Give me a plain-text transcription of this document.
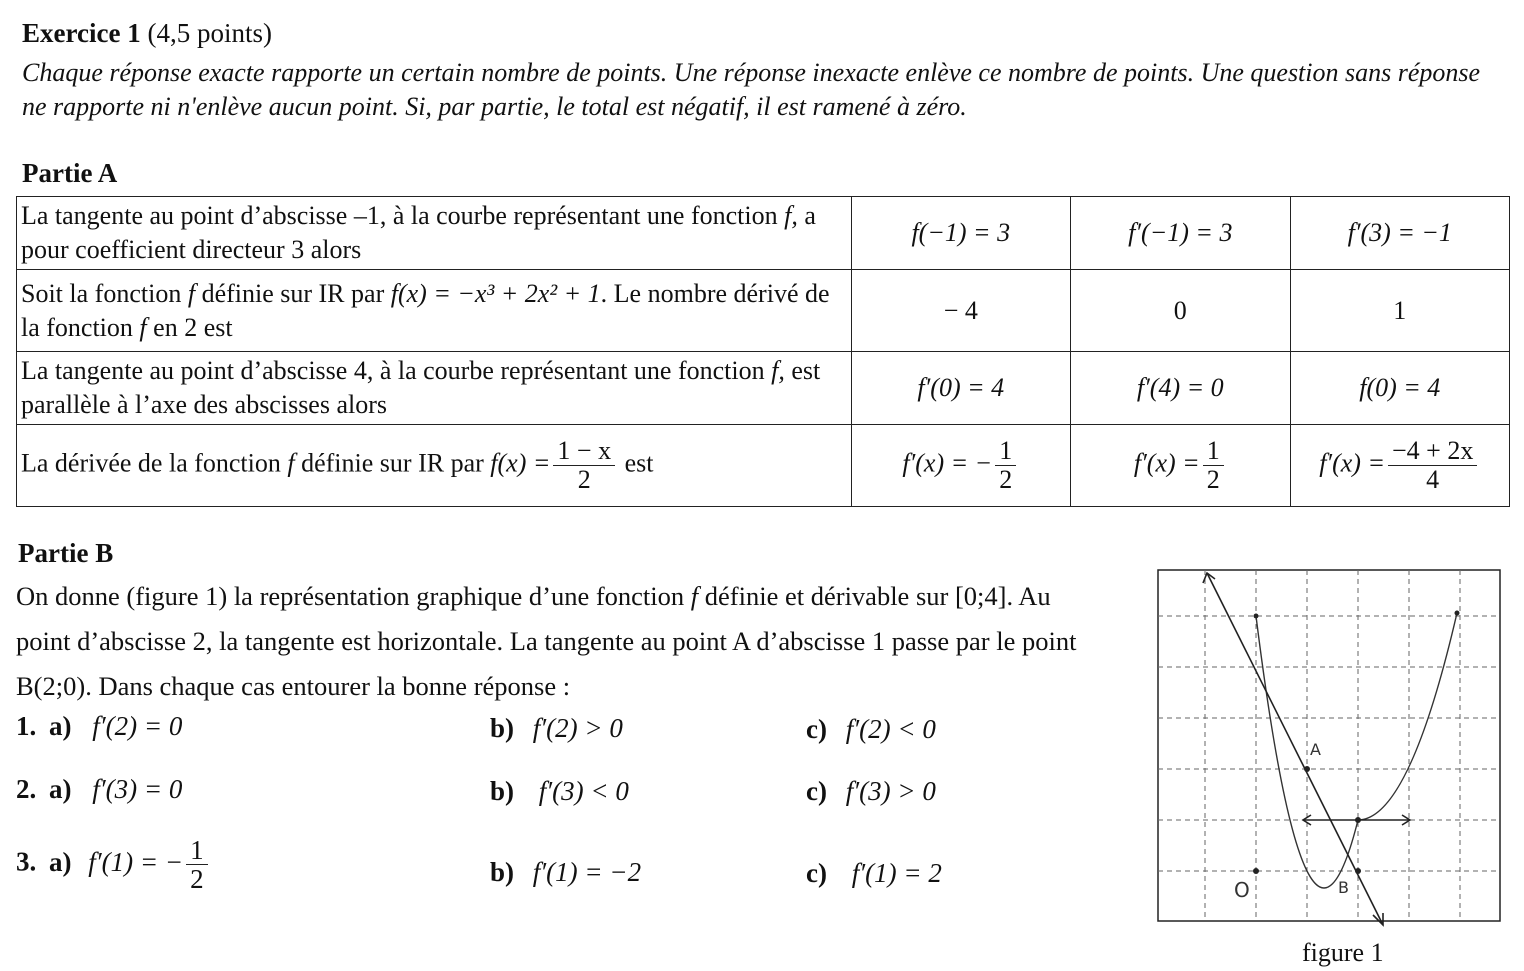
Exercice 1 (4,5 points)
Chaque réponse exacte rapporte un certain nombre de points. Une réponse inexacte enlève ce nombre de points. Une question sans réponse ne rapporte ni n'enlève aucun point. Si, par partie, le total est négatif, il est ramené à zéro.
Partie A
La tangente au point d’abscisse –1, à la courbe représentant une fonction f, a pour coefficient directeur 3 alors	f(−1) = 3	f′(−1) = 3	f′(3) = −1
Soit la fonction f définie sur IR par f(x) = −x³ + 2x² + 1. Le nombre dérivé de la fonction f en 2 est	− 4	0	1
La tangente au point d’abscisse 4, à la courbe représentant une fonction f, est parallèle à l’axe des abscisses alors	f′(0) = 4	f′(4) = 0	f(0) = 4
La dérivée de la fonction f définie sur IR par $f(x) = \frac{1 - x}{2}$ est	f′(x) = − $\frac{1}{2}$	$f'(x) = \frac{1}{2}$	$f'(x) = \frac{-4 + 2x}{4}$
Partie B
On donne (figure 1) la représentation graphique d’une fonction f définie et dérivable sur [0;4]. Au point d’abscisse 2, la tangente est horizontale. La tangente au point A d’abscisse 1 passe par le point B(2;0). Dans chaque cas entourer la bonne réponse :
1. a) f′(2) = 0	b) f′(2) > 0	c) f′(2) < 0
2. a) f′(3) = 0	b) f′(3) < 0	c) f′(3) > 0
3. a) f′(1) = − $\frac{1}{2}$	b) f′(1) = −2	c) f′(1) = 2
A
B
O
figure 1
